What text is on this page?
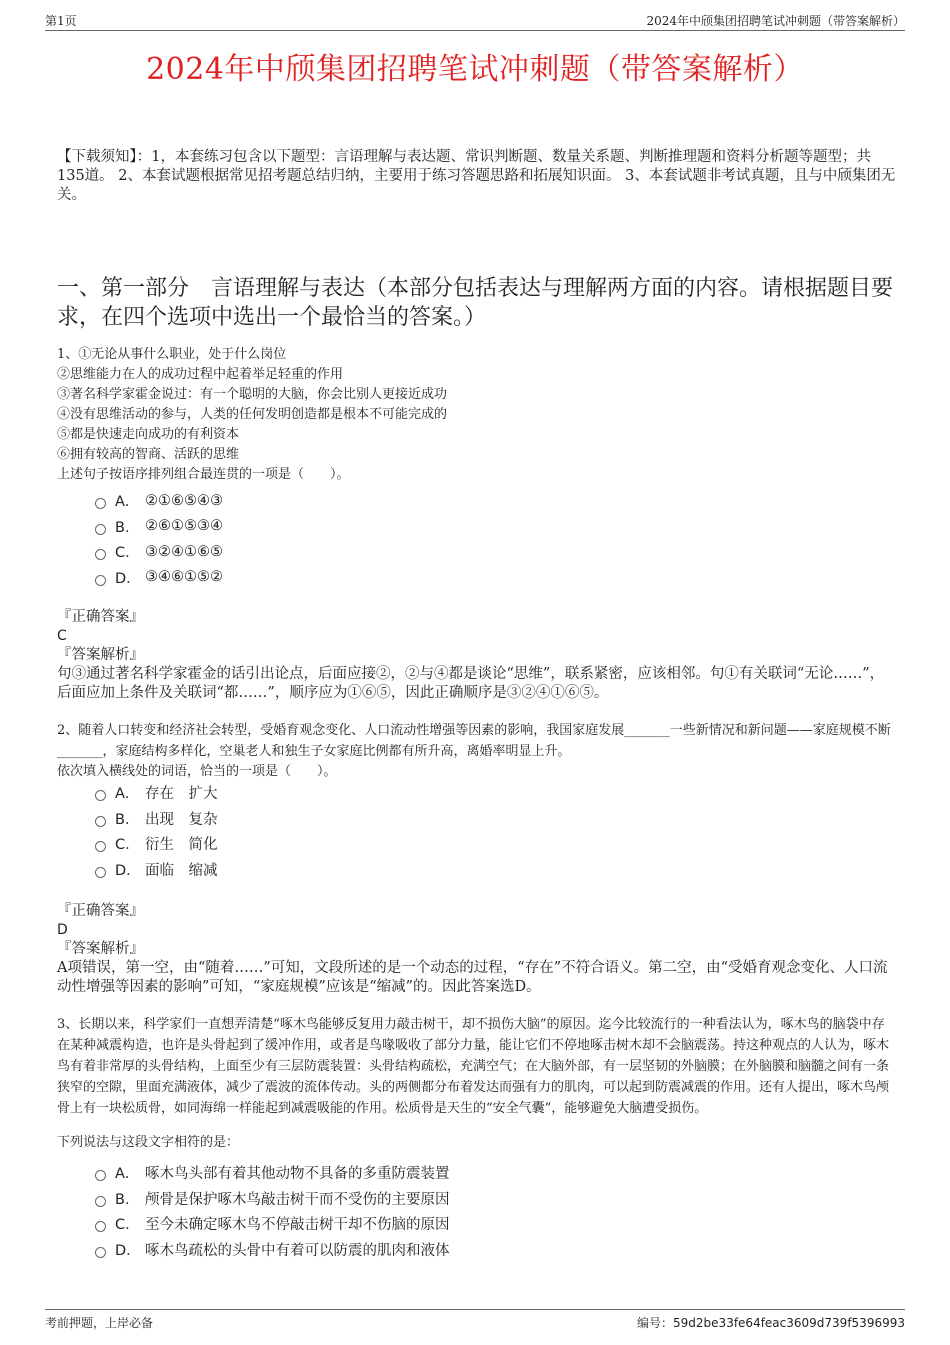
第1页	2024年中颀集团招聘笔试冲刺题（带答案解析）
2024年中颀集团招聘笔试冲刺题（带答案解析）
【下载须知】：1，本套练习包含以下题型：言语理解与表达题、常识判断题、数量关系题、判断推理题和资料分析题等题型；共135道。 2、本套试题根据常见招考题总结归纳，主要用于练习答题思路和拓展知识面。 3、本套试题非考试真题，且与中颀集团无关。
一、第一部分　言语理解与表达（本部分包括表达与理解两方面的内容。请根据题目要求，在四个选项中选出一个最恰当的答案。）
1、①无论从事什么职业，处于什么岗位
②思维能力在人的成功过程中起着举足轻重的作用
③著名科学家霍金说过：有一个聪明的大脑，你会比别人更接近成功
④没有思维活动的参与，人类的任何发明创造都是根本不可能完成的
⑤都是快速走向成功的有利资本
⑥拥有较高的智商、活跃的思维
上述句子按语序排列组合最连贯的一项是（　　）。
A． ②①⑥⑤④③
B． ②⑥①⑤③④
C． ③②④①⑥⑤
D． ③④⑥①⑤②
『正确答案』
C
『答案解析』
句③通过著名科学家霍金的话引出论点，后面应接②，②与④都是谈论“思维”，联系紧密，应该相邻。句①有关联词“无论……”，后面应加上条件及关联词“都……”，顺序应为①⑥⑤，因此正确顺序是③②④①⑥⑤。
2、随着人口转变和经济社会转型，受婚育观念变化、人口流动性增强等因素的影响，我国家庭发展_______一些新情况和新问题——家庭规模不断_______，家庭结构多样化，空巢老人和独生子女家庭比例都有所升高，离婚率明显上升。
依次填入横线处的词语，恰当的一项是（　　）。
A． 存在　扩大
B． 出现　复杂
C． 衍生　简化
D． 面临　缩减
『正确答案』
D
『答案解析』
A项错误，第一空，由“随着……”可知，文段所述的是一个动态的过程，“存在”不符合语义。第二空，由“受婚育观念变化、人口流动性增强等因素的影响”可知，“家庭规模”应该是“缩减”的。因此答案选D。
3、长期以来，科学家们一直想弄清楚“啄木鸟能够反复用力敲击树干，却不损伤大脑”的原因。迄今比较流行的一种看法认为，啄木鸟的脑袋中存在某种减震构造，也许是头骨起到了缓冲作用，或者是鸟喙吸收了部分力量，能让它们不停地啄击树木却不会脑震荡。持这种观点的人认为，啄木鸟有着非常厚的头骨结构，上面至少有三层防震装置：头骨结构疏松，充满空气；在大脑外部，有一层坚韧的外脑膜；在外脑膜和脑髓之间有一条狭窄的空隙，里面充满液体，减少了震波的流体传动。头的两侧都分布着发达而强有力的肌肉，可以起到防震减震的作用。还有人提出，啄木鸟颅骨上有一块松质骨，如同海绵一样能起到减震吸能的作用。松质骨是天生的“安全气囊”，能够避免大脑遭受损伤。
下列说法与这段文字相符的是：
A． 啄木鸟头部有着其他动物不具备的多重防震装置
B． 颅骨是保护啄木鸟敲击树干而不受伤的主要原因
C． 至今未确定啄木鸟不停敲击树干却不伤脑的原因
D． 啄木鸟疏松的头骨中有着可以防震的肌肉和液体
考前押题，上岸必备	编号：59d2be33fe64feac3609d739f5396993
